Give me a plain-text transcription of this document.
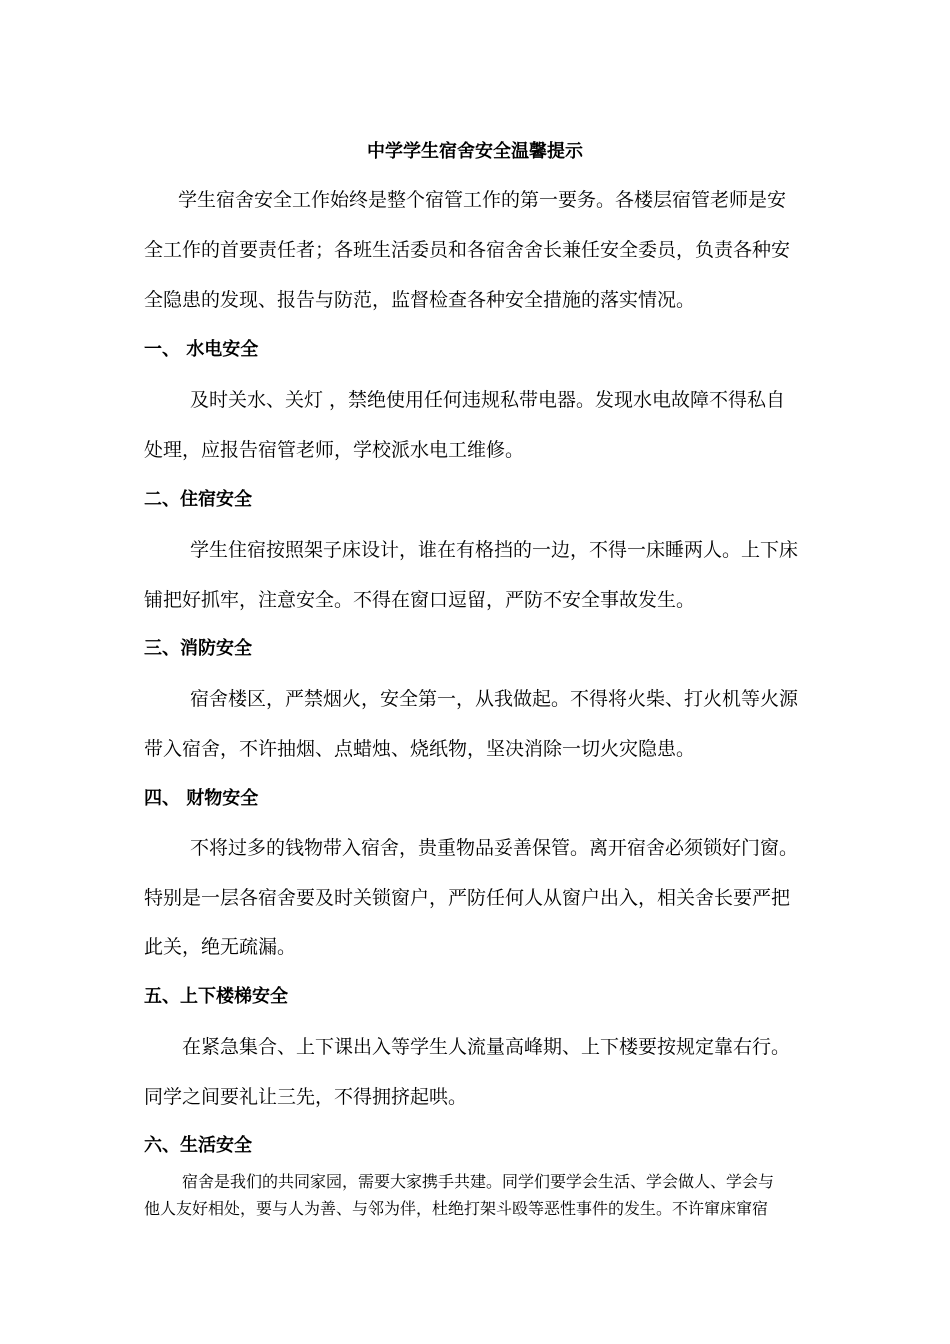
中学学生宿舍安全温馨提示
学生宿舍安全工作始终是整个宿管工作的第一要务。各楼层宿管老师是安
全工作的首要责任者；各班生活委员和各宿舍舍长兼任安全委员，负责各种安
全隐患的发现、报告与防范，监督检查各种安全措施的落实情况。
一、 水电安全
及时关水、关灯 ，禁绝使用任何违规私带电器。发现水电故障不得私自
处理，应报告宿管老师，学校派水电工维修。
二、住宿安全
学生住宿按照架子床设计，谁在有格挡的一边，不得一床睡两人。上下床
铺把好抓牢，注意安全。不得在窗口逗留，严防不安全事故发生。
三、消防安全
宿舍楼区，严禁烟火，安全第一，从我做起。不得将火柴、打火机等火源
带入宿舍，不许抽烟、点蜡烛、烧纸物，坚决消除一切火灾隐患。
四、 财物安全
不将过多的钱物带入宿舍，贵重物品妥善保管。离开宿舍必须锁好门窗。
特别是一层各宿舍要及时关锁窗户，严防任何人从窗户出入，相关舍长要严把
此关，绝无疏漏。
五、上下楼梯安全
在紧急集合、上下课出入等学生人流量高峰期、上下楼要按规定靠右行。
同学之间要礼让三先，不得拥挤起哄。
六、生活安全
宿舍是我们的共同家园，需要大家携手共建。同学们要学会生活、学会做人、学会与
他人友好相处，要与人为善、与邻为伴，杜绝打架斗殴等恶性事件的发生。不许窜床窜宿
